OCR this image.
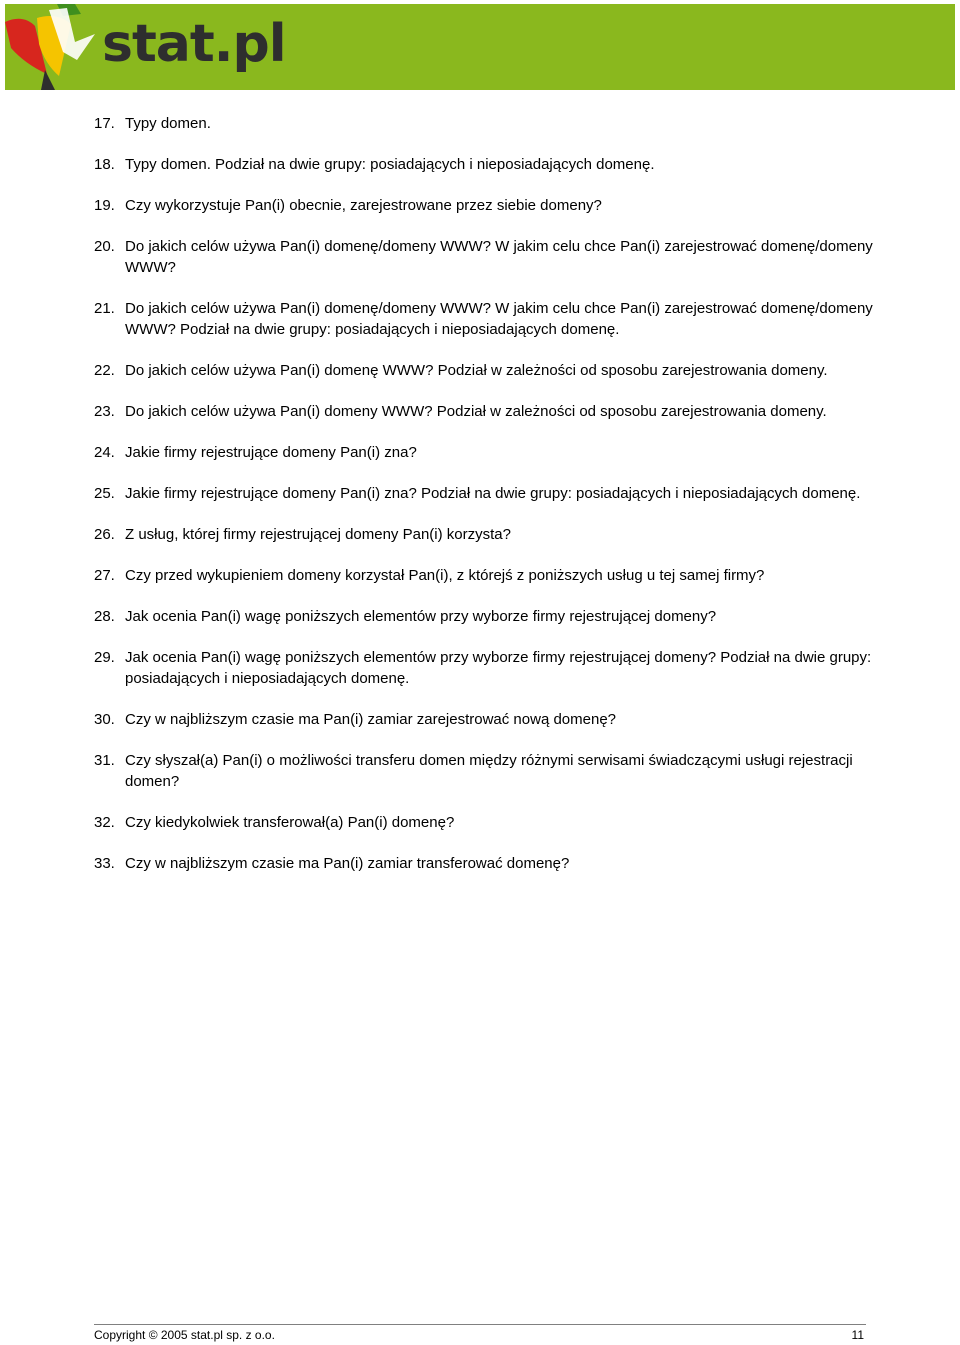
stat.pl
17. Typy domen.
18. Typy domen. Podział na dwie grupy: posiadających i nieposiadających domenę.
19. Czy wykorzystuje Pan(i) obecnie, zarejestrowane przez siebie domeny?
20. Do jakich celów używa Pan(i) domenę/domeny WWW? W jakim celu chce Pan(i) zarejestrować domenę/domeny WWW?
21. Do jakich celów używa Pan(i) domenę/domeny WWW? W jakim celu chce Pan(i) zarejestrować domenę/domeny WWW? Podział na dwie grupy: posiadających i nieposiadających domenę.
22. Do jakich celów używa Pan(i) domenę WWW? Podział w zależności od sposobu zarejestrowania domeny.
23. Do jakich celów używa Pan(i) domeny WWW? Podział w zależności od sposobu zarejestrowania domeny.
24. Jakie firmy rejestrujące domeny Pan(i) zna?
25. Jakie firmy rejestrujące domeny Pan(i) zna? Podział na dwie grupy: posiadających i nieposiadających domenę.
26. Z usług, której firmy rejestrującej domeny Pan(i) korzysta?
27. Czy przed wykupieniem domeny korzystał Pan(i), z którejś z poniższych usług u tej samej firmy?
28. Jak ocenia Pan(i) wagę poniższych elementów przy wyborze firmy rejestrującej domeny?
29. Jak ocenia Pan(i) wagę poniższych elementów przy wyborze firmy rejestrującej domeny? Podział na dwie grupy: posiadających i nieposiadających domenę.
30. Czy w najbliższym czasie ma Pan(i) zamiar zarejestrować nową domenę?
31. Czy słyszał(a) Pan(i) o możliwości transferu domen między różnymi serwisami świadczącymi usługi rejestracji domen?
32. Czy kiedykolwiek transferował(a) Pan(i) domenę?
33. Czy w najbliższym czasie ma Pan(i) zamiar transferować domenę?
Copyright © 2005 stat.pl sp. z o.o.	11
